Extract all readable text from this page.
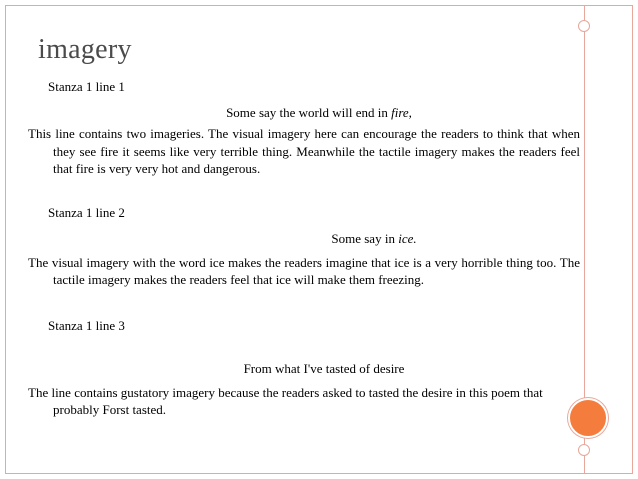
imagery
Stanza 1 line 1
Some say the world will end in fire,

This line contains two imageries. The visual imagery here can encourage the readers to think that when they see fire it seems like very terrible thing. Meanwhile the tactile imagery makes the readers feel that fire is very very hot and dangerous.

Stanza 1 line 2
Some say in ice.

The visual imagery with the word ice makes the readers imagine that ice is a very horrible thing too. The tactile imagery makes the readers feel that ice will make them freezing.

Stanza 1 line 3
From what I've tasted of desire

The line contains gustatory imagery because the readers asked to tasted the desire in this poem that probably Forst tasted.
